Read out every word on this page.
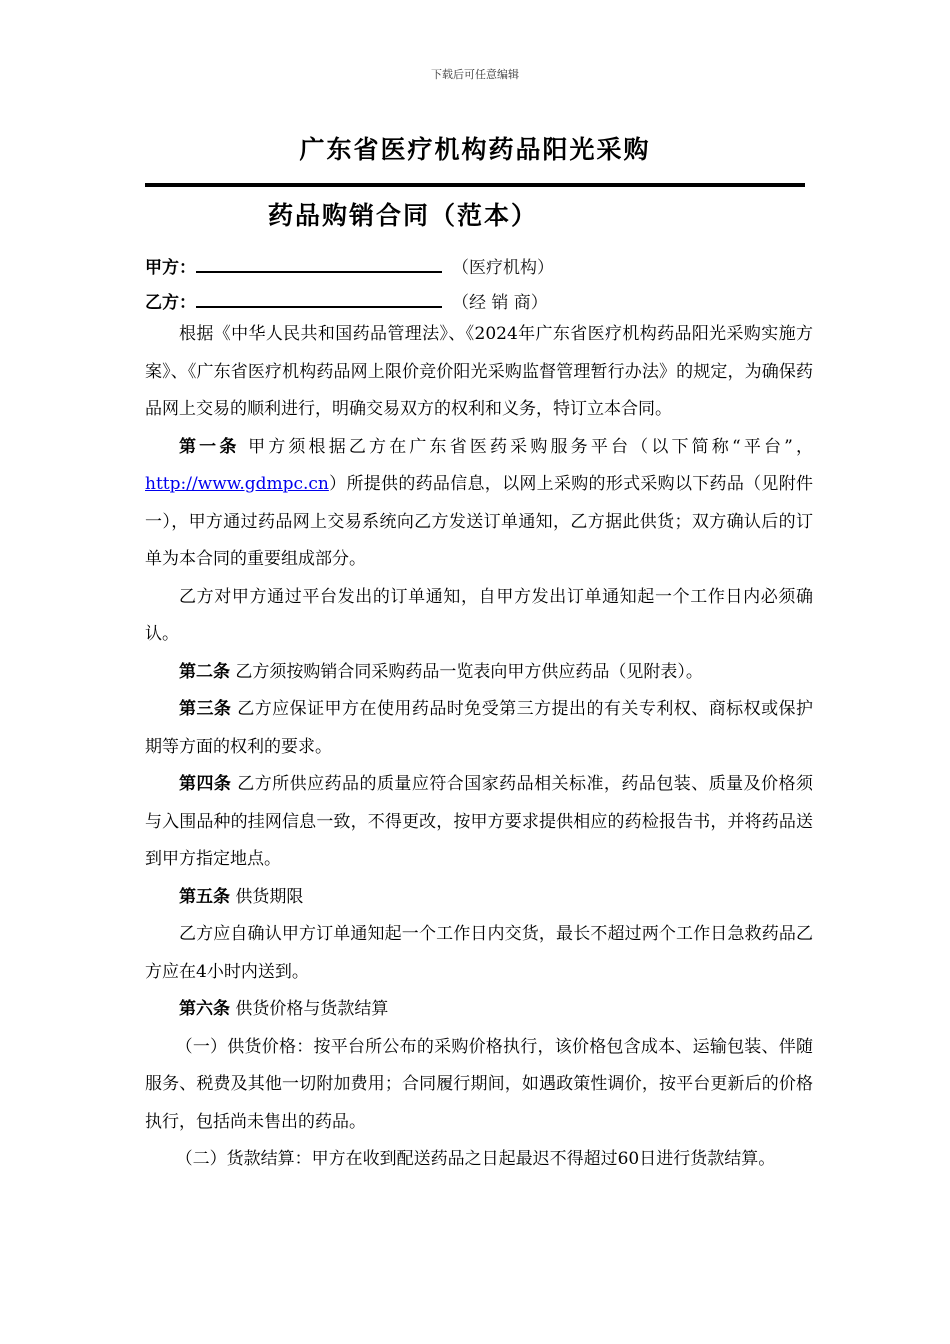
下载后可任意编辑
广东省医疗机构药品阳光采购
药品购销合同（范本）
甲方：	（医疗机构）
乙方：	（经 销 商）

根据《中华人民共和国药品管理法》、《2024年广东省医疗机构药品阳光采购实施方案》、《广东省医疗机构药品网上限价竞价阳光采购监督管理暂行办法》的规定，为确保药品网上交易的顺利进行，明确交易双方的权利和义务，特订立本合同。

第一条 甲方须根据乙方在广东省医药采购服务平台（以下简称“平台”，http://www.gdmpc.cn）所提供的药品信息，以网上采购的形式采购以下药品（见附件一），甲方通过药品网上交易系统向乙方发送订单通知，乙方据此供货；双方确认后的订单为本合同的重要组成部分。

乙方对甲方通过平台发出的订单通知，自甲方发出订单通知起一个工作日内必须确认。

第二条 乙方须按购销合同采购药品一览表向甲方供应药品（见附表）。

第三条 乙方应保证甲方在使用药品时免受第三方提出的有关专利权、商标权或保护期等方面的权利的要求。

第四条 乙方所供应药品的质量应符合国家药品相关标准，药品包装、质量及价格须与入围品种的挂网信息一致，不得更改，按甲方要求提供相应的药检报告书，并将药品送到甲方指定地点。

第五条 供货期限

乙方应自确认甲方订单通知起一个工作日内交货，最长不超过两个工作日急救药品乙方应在4小时内送到。

第六条 供货价格与货款结算

（一）供货价格：按平台所公布的采购价格执行，该价格包含成本、运输包装、伴随服务、税费及其他一切附加费用；合同履行期间，如遇政策性调价，按平台更新后的价格执行，包括尚未售出的药品。

（二）货款结算：甲方在收到配送药品之日起最迟不得超过60日进行货款结算。
